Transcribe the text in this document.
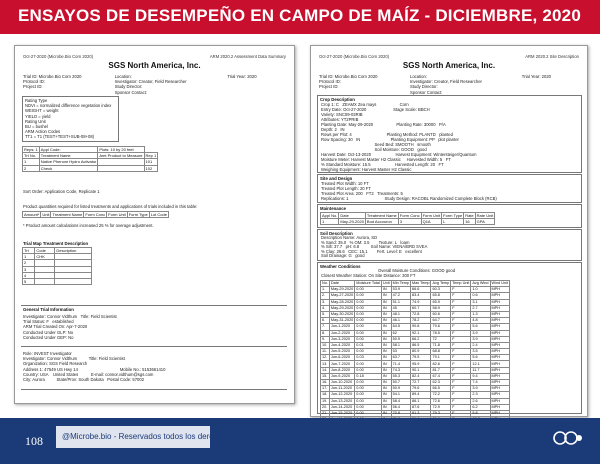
ENSAYOS DE DESEMPEÑO EN CAMPO DE MAÍZ - DICIEMBRE, 2020
Oct-27-2020 (Microbe.Bio Corn 2020)	ARM 2020.2 Assessment Data Summary
SGS North America, Inc.
Trial ID: Microbe.Bio Corn 2020	Location:	Trial Year: 2020
Protocol ID:	Investigator: Creator, Field Researcher
Project ID:	Study Director:
Sponsor Contact:
Rating Type
NDVI = normalized difference vegetation index
WEIGHT = weight
YIELD = yield
Rating Unit
BU = bushel
ARM Action Codes
TT1 = T1 (TEST+TEST+SUB-08+08)
Reps: 1	Appl Code:	Plots: 10 by 20 feet	
Trt No.	Treatment Name	Amt Product to Measure	Rep 1
1	Native Phenom Hydro Activator		101
2	Check		102
Sort Order: Application Code, Replicate 1
Product quantities required for listed treatments and applications of trials included in this table:
Amount*	Unit	Treatment Name	Form Conc	Form Unit	Form Type	Lot Code
* Product amount calculations increased 25 % for overage adjustment.
Trial Map Treatment Description
Trt	Code	Description
1	CHK	
2		
3		
4		
5		
General Trial Information
Investigator: Connor Vidthum   Title: Field Scientist
Trial Status: F   established
ARM Trial Created On: Apr-7-2020
Conducted Under GLP: No
Conducted Under GEP: No
Role: INVEST Investigator
Investigator: Connor Vidthum          Title: Field Scientist
Organization: SGS Field Research
Address 1: 47549 US Hwy 14                                    Mobile No.: 5153661410
Country: USA    United States           E-mail: connor.vidthum@sgs.com
City: Aurora          State/Prov: South Dakota   Postal Code: 57002
Oct-27-2020 (Microbe.Bio Corn 2020)	ARM 2020.2 Site Description
SGS North America, Inc.
Trial ID: Microbe.Bio Corn 2020	Location:	Trial Year: 2020
Protocol ID:	Investigator: Creator, Field Researcher
Project ID:	Study Director:
Sponsor Contact:
Crop Description
Crop 1: C   ZEAMX Zea mays                    Corn
Entry Date: Oct-27-2020                       Stage Scale: BBCH
Variety: SNC09-03RIB
Attributes: YT2PRIB
Planting Date: May-29-2020                    Planting Rate: 30000   P/A
Depth: 2   IN
Rows per Plot: 4                              Planting Method: PLANTD   planted
Row Spacing: 30   IN                          Planting Equipment: PP   plot planter
Seed Bed: SMOOTH   smooth
Soil Moisture: GOOD   good
Harvest Date: Oct-13-2020                     Harvest Equipment: Wintersteiger/Quantum
Moisture Meter: Harvest Master H2 Classic     Harvested Width: 5   FT
% Standard Moisture: 15.5                     Harvested Length: 20   FT
Weighing Equipment: Harvest Master H2 Classic
Site and Design
Treated Plot Width: 10 FT
Treated Plot Length: 20 FT
Treated Plot Area: 200   FT2   Treatments: 5
Replications: 1                               Study Design: RACOBL Randomized Complete Block (RCB)
Maintenance
Appl No.	Date	Treatment Name	Form Conc	Form Unit	Form Type	Rate	Rate Unit
1	May-29-2020	Bud Accouron	3	Q1A	L	16	GPA
Soil Description
Description Name: Aurora, SD
% Sand: 35.0   % OM: 3.5        Texture: L   loam
% Silt: 37.7   pH: 6.8          Soil Name: VIENA/BRD SVEA
% Clay: 26.6   CEC: 15.1        Fert. Level: E   excellent
Soil Drainage: G   good
Weather Conditions
Overall Moisture Conditions: GOOD good
Closest Weather Station: On Site Distance: 300 FT
No.	Date	Moisture Total	Unit	Min Temp	Max Temp	Avg Temp	Temp Unit	Avg Wind	Wind Unit
1.	May-29-2020	0.00	IN	53.9	66.6	60.3	F	1.0	MPH
2.	May-27-2020	0.00	IN	47.2	83.4	65.8	F	0.6	MPH
3.	May-28-2020	0.00	IN	51.1	74.9	65.9	F	3.1	MPH
4.	May-29-2020	0.00	IN	45	60.7	58.9	F	2.7	MPH
5.	May-30-2020	0.00	IN	48.1	72.8	60.6	F	1.3	MPH
6.	May-31-2020	0.00	IN	46.1	78.2	64.7	F	4.8	MPH
7.	Jun-1-2020	0.00	IN	64.5	90.8	79.6	F	5.6	MPH
8.	Jun-2-2020	0.00	IN	62	92.1	78.5	F	3.9	MPH
9.	Jun-3-2020	0.00	IN	50.9	66.2	72	F	3.9	MPH
10.	Jun-4-2020	0.01	IN	58.1	86.5	71.8	F	2.4	MPH
11.	Jun-5-2020	0.00	IN	53	80.9	68.8	F	3.5	MPH
12.	Jun-6-2020	0.03	IN	63.7	79.5	79.1	F	5.6	MPH
13.	Jun-7-2020	0.00	IN	71.4	95.9	82.6	F	12.1	MPH
14.	Jun-8-2020	0.00	IN	74.3	90.1	81.7	F	11.7	MPH
15.	Jun-9-2020	0.18	IN	55.3	82.4	67.4	F	9.4	MPH
16.	Jun-10-2020	0.00	IN	50.7	72.7	62.3	F	7.4	MPH
17.	Jun-11-2020	0.00	IN	50.9	79.6	66.5	F	3.9	MPH
18.	Jun-12-2020	0.00	IN	54.1	89.4	72.2	F	2.3	MPH
19.	Jun-13-2020	0.00	IN	58.4	86.1	72.6	F	2.6	MPH
20.	Jun-14-2020	0.00	IN	56.4	87.6	72.9	F	6.2	MPH
21.	Jun-15-2020	0.00	IN	70.8	91.3	79.3	F	5.8	MPH

108 @Microbe.bio - Reservados todos los derechos
